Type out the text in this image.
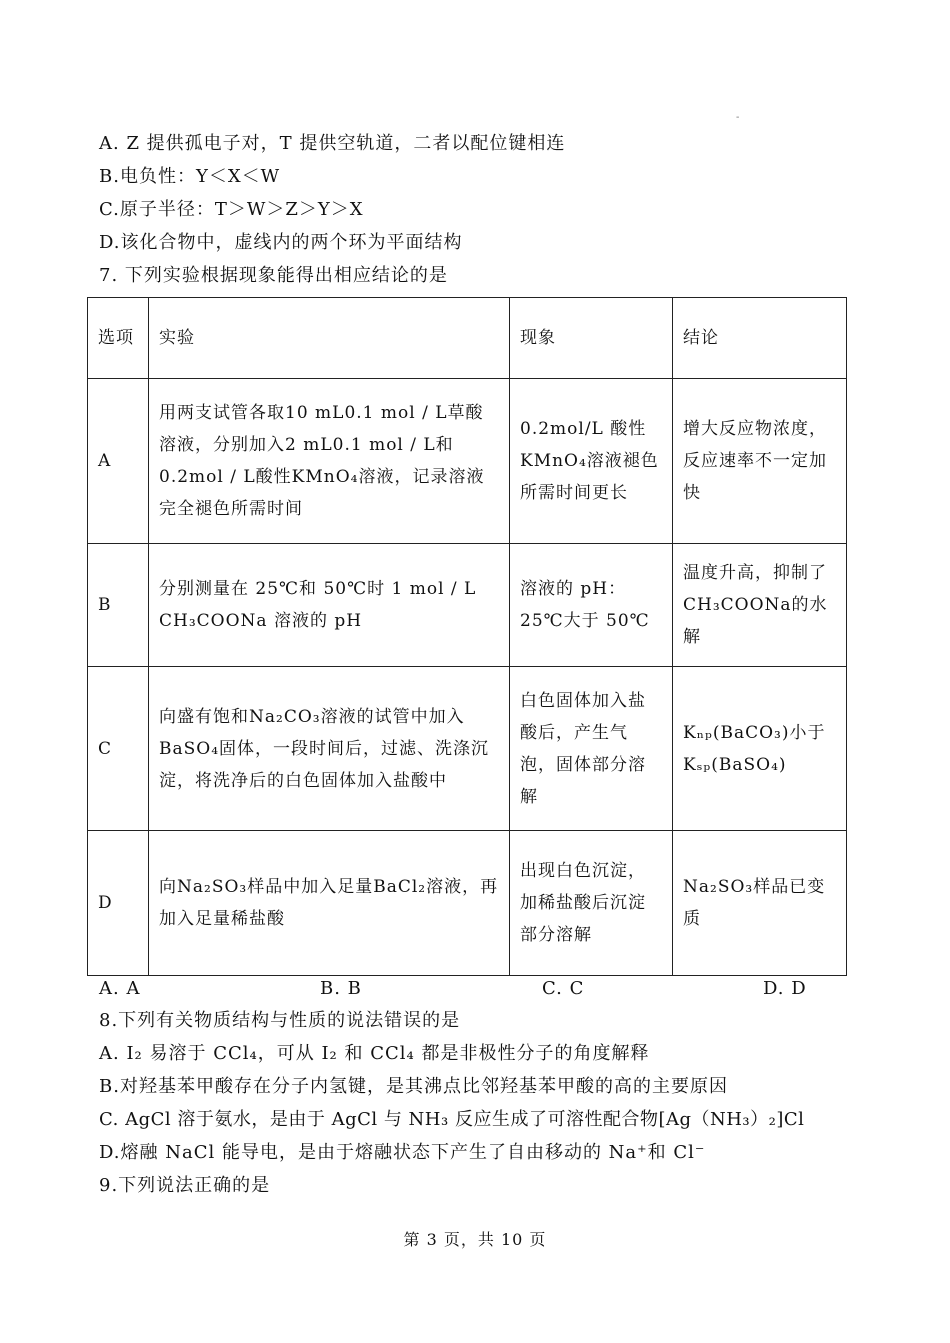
-
A. Z 提供孤电子对，T 提供空轨道，二者以配位键相连
B.电负性：Y＜X＜W
C.原子半径：T＞W＞Z＞Y＞X
D.该化合物中，虚线内的两个环为平面结构
7. 下列实验根据现象能得出相应结论的是
选项	实验	现象	结论
A	用两支试管各取10 mL0.1 mol / L草酸溶液，分别加入2 mL0.1 mol / L和0.2mol / L酸性KMnO₄溶液，记录溶液完全褪色所需时间	0.2mol/L 酸性KMnO₄溶液褪色所需时间更长	增大反应物浓度，反应速率不一定加快
B	分别测量在 25℃和 50℃时 1 mol / L CH₃COONa 溶液的 pH	溶液的 pH：25℃大于 50℃	温度升高，抑制了CH₃COONa的水解
C	向盛有饱和Na₂CO₃溶液的试管中加入BaSO₄固体，一段时间后，过滤、洗涤沉淀，将洗净后的白色固体加入盐酸中	白色固体加入盐酸后，产生气泡，固体部分溶解	Kₙₚ(BaCO₃)小于Kₛₚ(BaSO₄)
D	向Na₂SO₃样品中加入足量BaCl₂溶液，再加入足量稀盐酸	出现白色沉淀，加稀盐酸后沉淀部分溶解	Na₂SO₃样品已变质
A. A	B. B	C. C	D. D
8.下列有关物质结构与性质的说法错误的是
A. I₂ 易溶于 CCl₄，可从 I₂ 和 CCl₄ 都是非极性分子的角度解释
B.对羟基苯甲酸存在分子内氢键，是其沸点比邻羟基苯甲酸的高的主要原因
C. AgCl 溶于氨水，是由于 AgCl 与 NH₃ 反应生成了可溶性配合物[Ag（NH₃）₂]Cl
D.熔融 NaCl 能导电，是由于熔融状态下产生了自由移动的 Na⁺和 Cl⁻
9.下列说法正确的是
第 3 页，共 10 页
